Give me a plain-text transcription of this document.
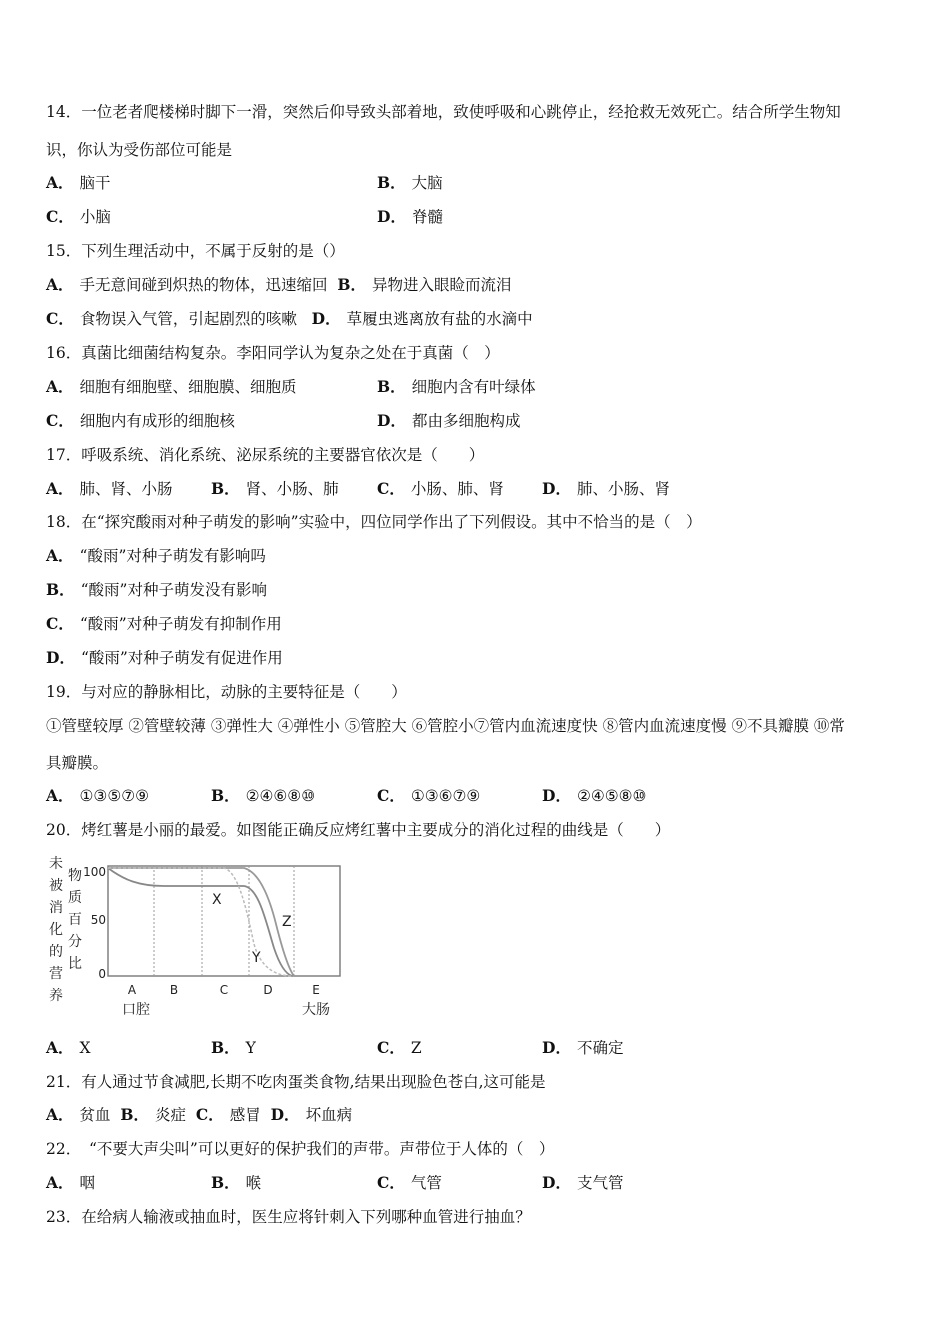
14．一位老者爬楼梯时脚下一滑，突然后仰导致头部着地，致使呼吸和心跳停止，经抢救无效死亡。结合所学生物知
识，你认为受伤部位可能是
A． 脑干	B． 大脑
C． 小脑	D． 脊髓
15．下列生理活动中，不属于反射的是（）
A． 手无意间碰到炽热的物体，迅速缩回 B． 异物进入眼睑而流泪
C． 食物误入气管，引起剧烈的咳嗽 D． 草履虫逃离放有盐的水滴中
16．真菌比细菌结构复杂。李阳同学认为复杂之处在于真菌（　）
A． 细胞有细胞壁、细胞膜、细胞质	B． 细胞内含有叶绿体
C． 细胞内有成形的细胞核	D． 都由多细胞构成
17．呼吸系统、消化系统、泌尿系统的主要器官依次是（　　）
A． 肺、肾、小肠 B． 肾、小肠、肺 C． 小肠、肺、肾 D． 肺、小肠、肾
18．在“探究酸雨对种子萌发的影响”实验中，四位同学作出了下列假设。其中不恰当的是（　）
A． “酸雨”对种子萌发有影响吗
B． “酸雨”对种子萌发没有影响
C． “酸雨”对种子萌发有抑制作用
D． “酸雨”对种子萌发有促进作用
19．与对应的静脉相比，动脉的主要特征是（　　）
①管壁较厚 ②管壁较薄 ③弹性大 ④弹性小 ⑤管腔大 ⑥管腔小⑦管内血流速度快 ⑧管内血流速度慢 ⑨不具瓣膜 ⑩常
具瓣膜。
A． ①③⑤⑦⑨	B． ②④⑥⑧⑩	C． ①③⑥⑦⑨	D． ②④⑤⑧⑩
20．烤红薯是小丽的最爱。如图能正确反应烤红薯中主要成分的消化过程的曲线是（　　）
未
被
消
化
的
营
养
100
50
0
物
质
百
分
比
X
Y
Z
A	B	C	D	E
口腔	大肠
A． X	B． Y	C． Z	D． 不确定
21．有人通过节食减肥,长期不吃肉蛋类食物,结果出现脸色苍白,这可能是
A． 贫血 B． 炎症 C． 感冒 D． 坏血病
22．　“不要大声尖叫”可以更好的保护我们的声带。声带位于人体的（　）
A． 咽	B． 喉	C． 气管	D． 支气管
23．在给病人输液或抽血时，医生应将针刺入下列哪种血管进行抽血？
